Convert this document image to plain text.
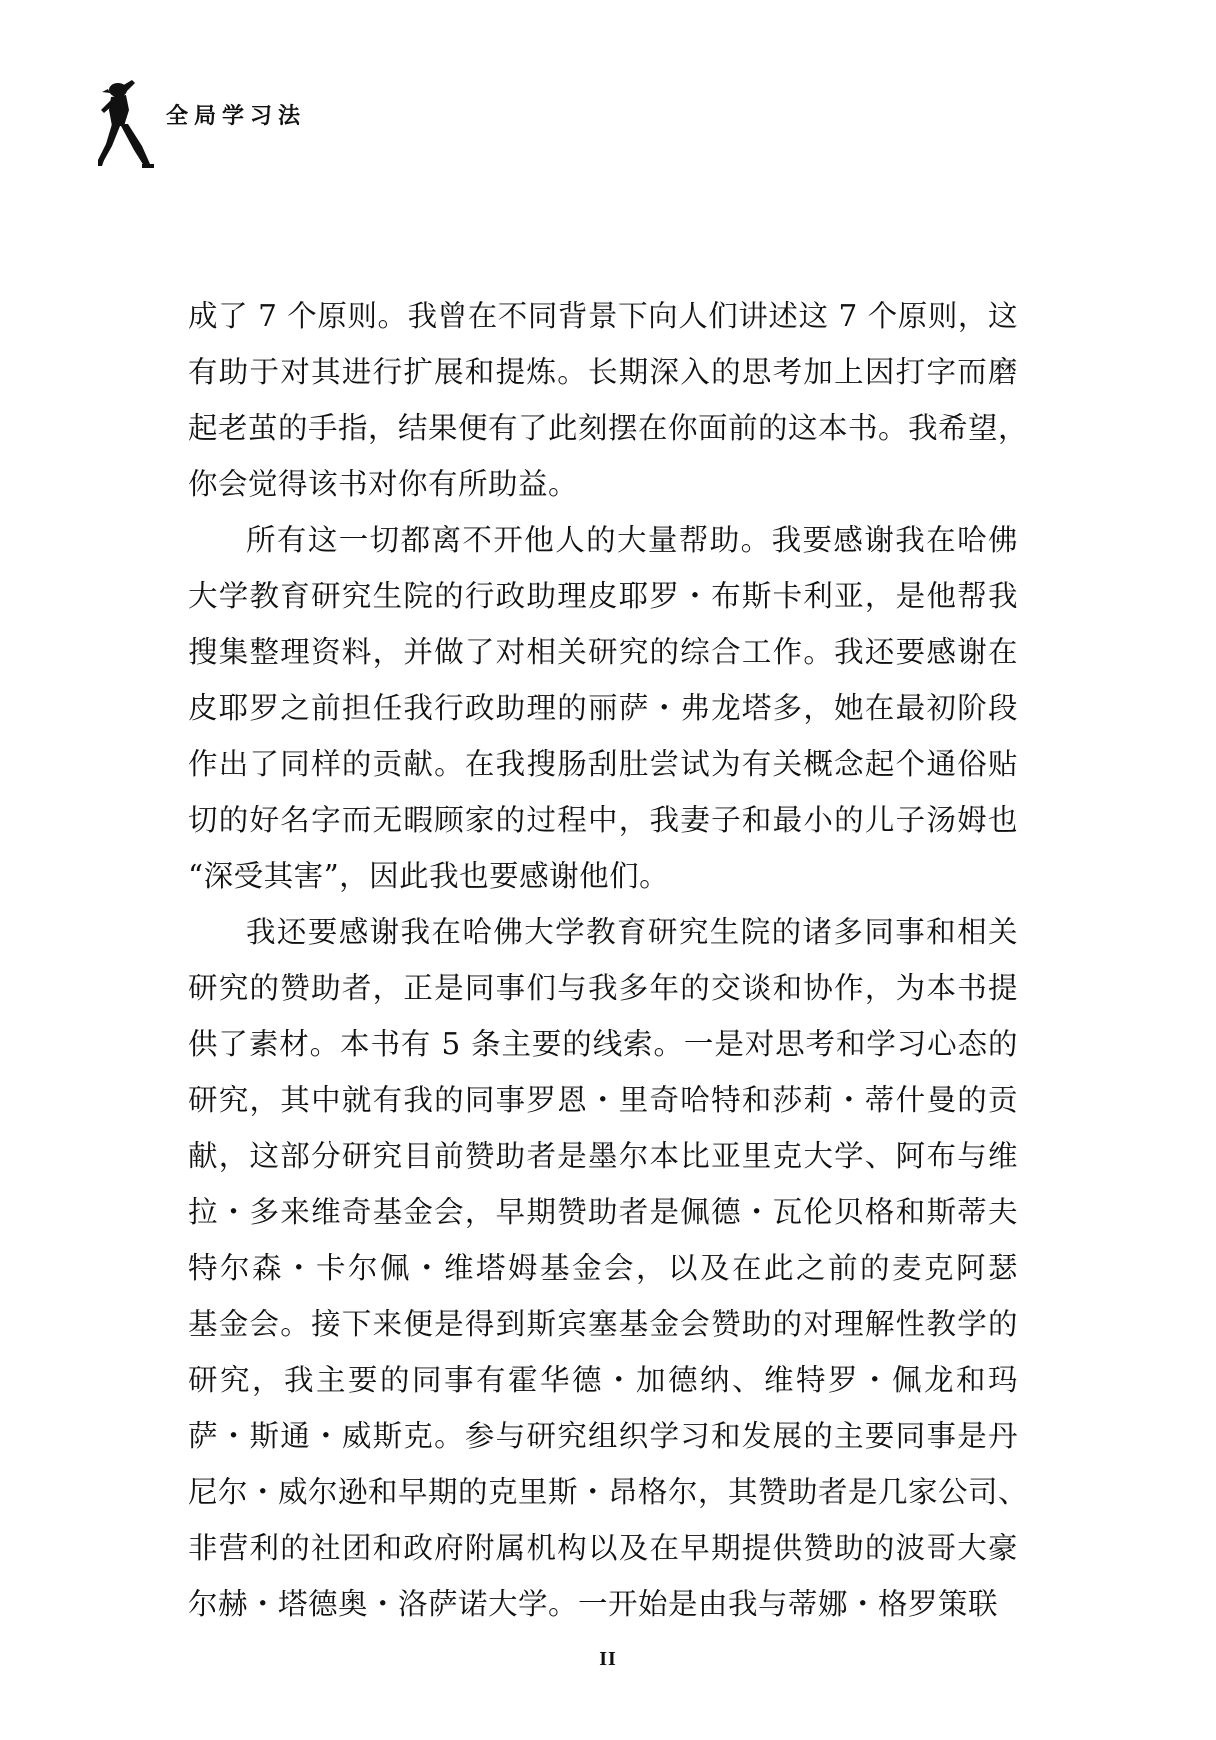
全局学习法

成了 7 个原则。我曾在不同背景下向人们讲述这 7 个原则，这
有助于对其进行扩展和提炼。长期深入的思考加上因打字而磨
起老茧的手指，结果便有了此刻摆在你面前的这本书。我希望，
你会觉得该书对你有所助益。

所有这一切都离不开他人的大量帮助。我要感谢我在哈佛
大学教育研究生院的行政助理皮耶罗・布斯卡利亚，是他帮我
搜集整理资料，并做了对相关研究的综合工作。我还要感谢在
皮耶罗之前担任我行政助理的丽萨・弗龙塔多，她在最初阶段
作出了同样的贡献。在我搜肠刮肚尝试为有关概念起个通俗贴
切的好名字而无暇顾家的过程中，我妻子和最小的儿子汤姆也
“深受其害”，因此我也要感谢他们。

我还要感谢我在哈佛大学教育研究生院的诸多同事和相关
研究的赞助者，正是同事们与我多年的交谈和协作，为本书提
供了素材。本书有 5 条主要的线索。一是对思考和学习心态的
研究，其中就有我的同事罗恩・里奇哈特和莎莉・蒂什曼的贡
献，这部分研究目前赞助者是墨尔本比亚里克大学、阿布与维
拉・多来维奇基金会，早期赞助者是佩德・瓦伦贝格和斯蒂夫
特尔森・卡尔佩・维塔姆基金会，以及在此之前的麦克阿瑟
基金会。接下来便是得到斯宾塞基金会赞助的对理解性教学的
研究，我主要的同事有霍华德・加德纳、维特罗・佩龙和玛
萨・斯通・威斯克。参与研究组织学习和发展的主要同事是丹
尼尔・威尔逊和早期的克里斯・昂格尔，其赞助者是几家公司、
非营利的社团和政府附属机构以及在早期提供赞助的波哥大豪
尔赫・塔德奥・洛萨诺大学。一开始是由我与蒂娜・格罗策联

II
